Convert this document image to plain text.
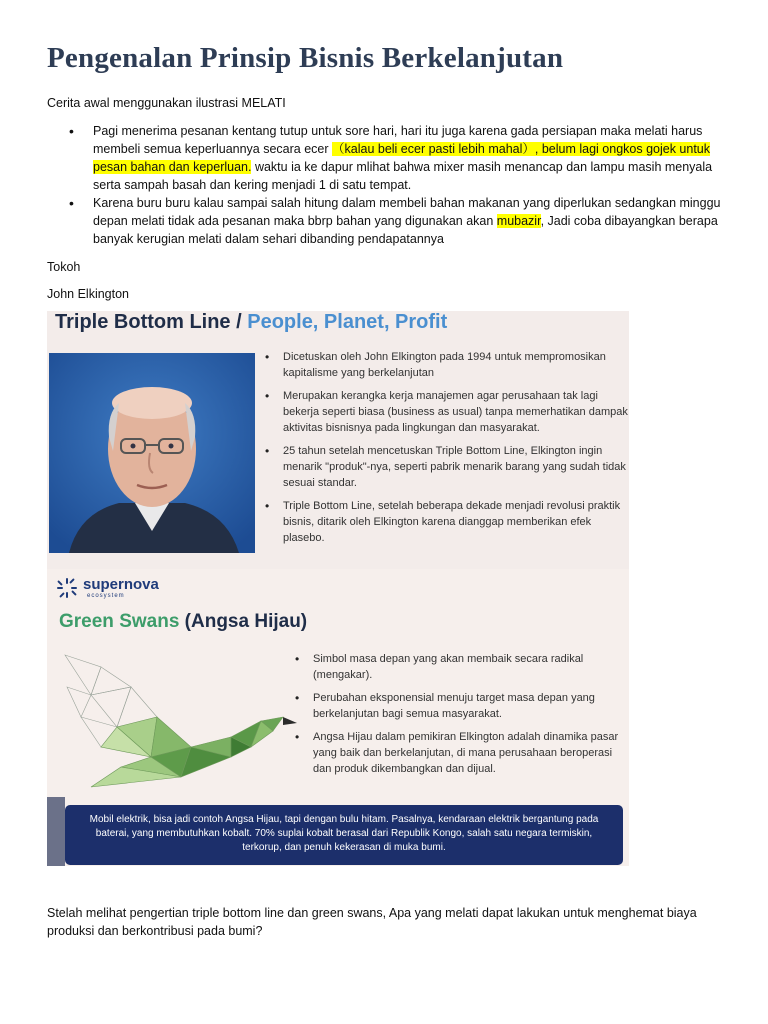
Pengenalan Prinsip Bisnis Berkelanjutan

Cerita awal menggunakan ilustrasi MELATI

• Pagi menerima pesanan kentang tutup untuk sore hari, hari itu juga karena gada persiapan maka melati harus membeli semua keperluannya secara ecer （kalau beli ecer pasti lebih mahal）, belum lagi ongkos gojek untuk pesan bahan dan keperluan. waktu ia ke dapur mlihat bahwa mixer masih menancap dan lampu masih menyala serta sampah basah dan kering menjadi 1 di satu tempat.
• Karena buru buru kalau sampai salah hitung dalam membeli bahan makanan yang diperlukan sedangkan minggu depan melati tidak ada pesanan maka bbrp bahan yang digunakan akan mubazir, Jadi coba dibayangkan berapa banyak kerugian melati dalam sehari dibanding pendapatannya

Tokoh

John Elkington

Triple Bottom Line / People, Planet, Profit
• Dicetuskan oleh John Elkington pada 1994 untuk mempromosikan kapitalisme yang berkelanjutan
• Merupakan kerangka kerja manajemen agar perusahaan tak lagi bekerja seperti biasa (business as usual) tanpa memerhatikan dampak aktivitas bisnisnya pada lingkungan dan masyarakat.
• 25 tahun setelah mencetuskan Triple Bottom Line, Elkington ingin menarik "produk"-nya, seperti pabrik menarik barang yang sudah tidak sesuai standar.
• Triple Bottom Line, setelah beberapa dekade menjadi revolusi praktik bisnis, ditarik oleh Elkington karena dianggap memberikan efek plasebo.
supernova
ecosystem
Green Swans (Angsa Hijau)
• Simbol masa depan yang akan membaik secara radikal (mengakar).
• Perubahan eksponensial menuju target masa depan yang berkelanjutan bagi semua masyarakat.
• Angsa Hijau dalam pemikiran Elkington adalah dinamika pasar yang baik dan berkelanjutan, di mana perusahaan beroperasi dan produk dikembangkan dan dijual.
Mobil elektrik, bisa jadi contoh Angsa Hijau, tapi dengan bulu hitam. Pasalnya, kendaraan elektrik bergantung pada baterai, yang membutuhkan kobalt. 70% suplai kobalt berasal dari Republik Kongo, salah satu negara termiskin, terkorup, dan penuh kekerasan di muka bumi.

Stelah melihat pengertian triple bottom line dan green swans, Apa yang melati dapat lakukan untuk menghemat biaya produksi dan berkontribusi pada bumi?
